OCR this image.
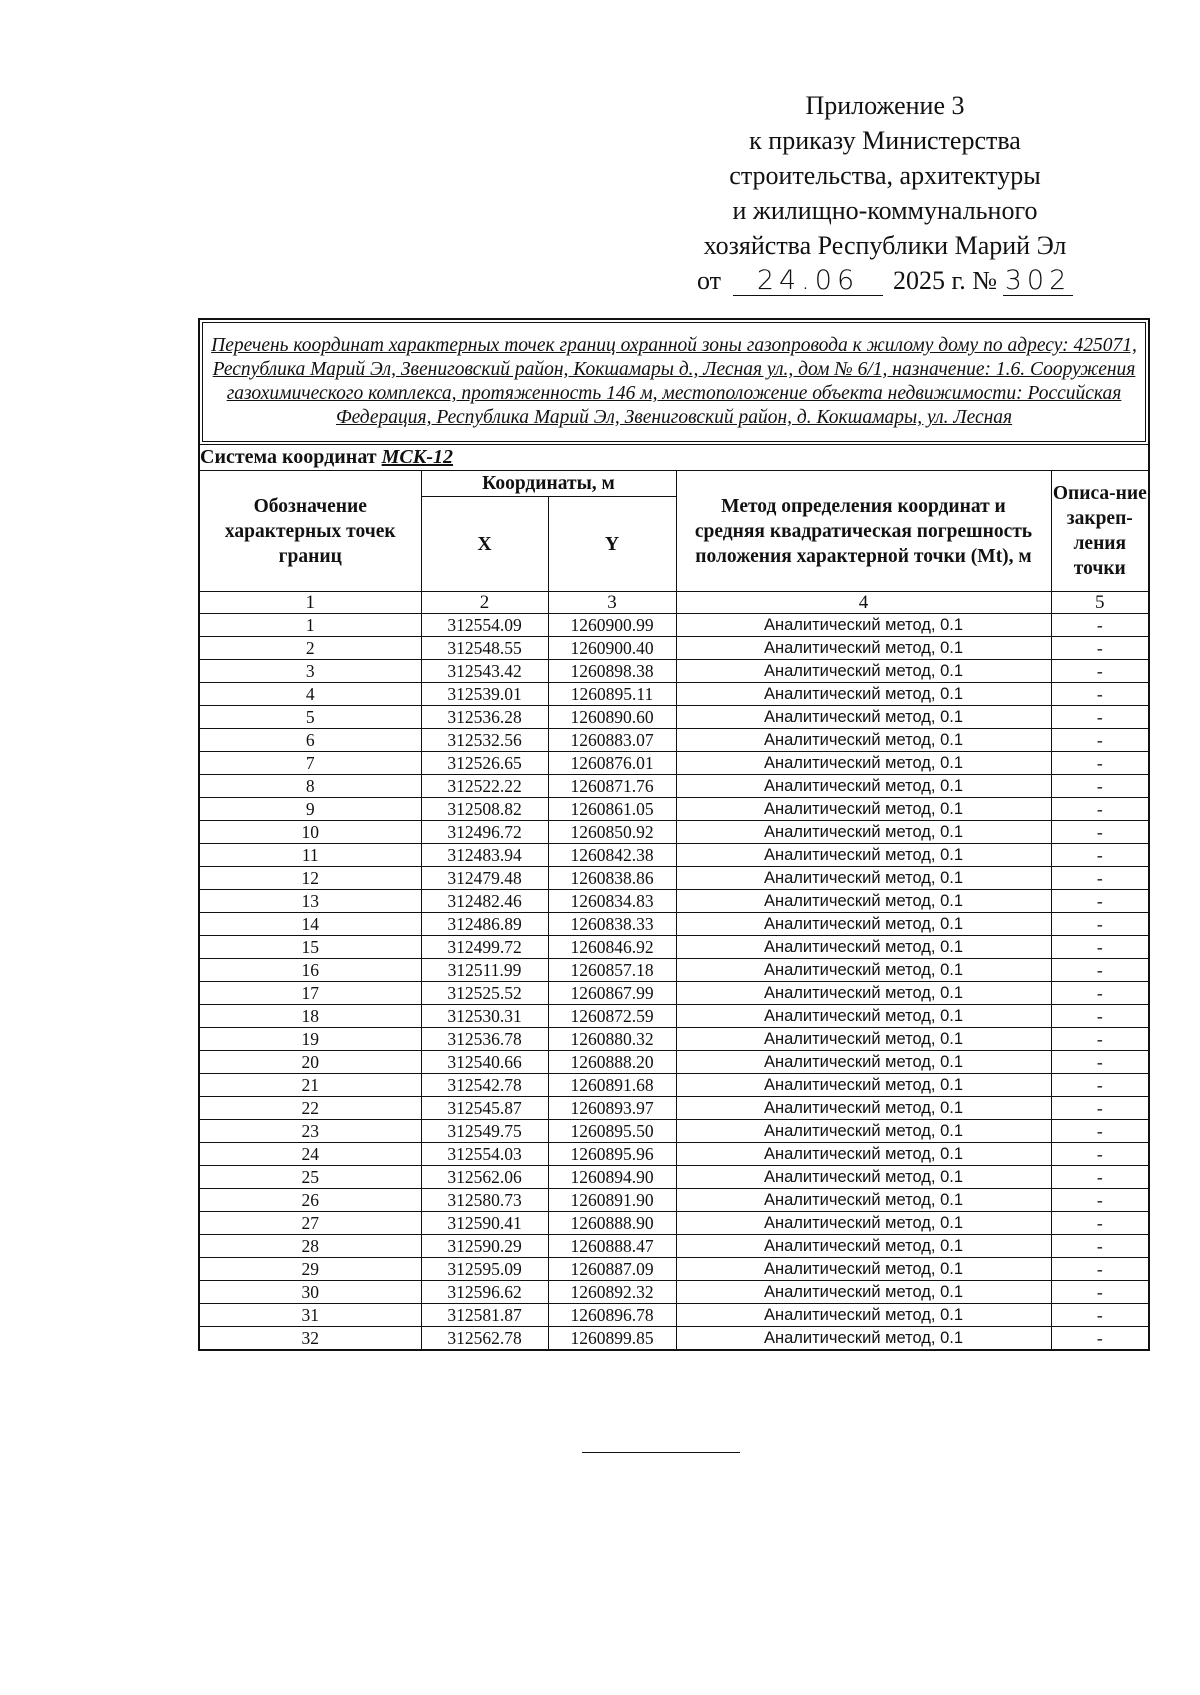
Приложение 3
к приказу Министерства
строительства, архитектуры
и жилищно-коммунального
хозяйства Республики Марий Эл
от 24.06 2025 г. № 302
Перечень координат характерных точек границ охранной зоны газопровода к жилому дому по адресу: 425071, Республика Марий Эл, Звениговский район, Кокшамары д., Лесная ул., дом № 6/1, назначение: 1.6. Сооружения газохимического комплекса, протяженность 146 м, местоположение объекта недвижимости: Российская Федерация, Республика Марий Эл, Звениговский район, д. Кокшамары, ул. Лесная				
Система координат МСК-12				
Обозначение характерных точек границ	Координаты, м		Метод определения координат и средняя квадратическая погрешность положения характерной точки (Mt), м	Описа-ние закреп-ления точки
	X	Y		
1	2	3	4	5
1	312554.09	1260900.99	Аналитический метод, 0.1	-
2	312548.55	1260900.40	Аналитический метод, 0.1	-
3	312543.42	1260898.38	Аналитический метод, 0.1	-
4	312539.01	1260895.11	Аналитический метод, 0.1	-
5	312536.28	1260890.60	Аналитический метод, 0.1	-
6	312532.56	1260883.07	Аналитический метод, 0.1	-
7	312526.65	1260876.01	Аналитический метод, 0.1	-
8	312522.22	1260871.76	Аналитический метод, 0.1	-
9	312508.82	1260861.05	Аналитический метод, 0.1	-
10	312496.72	1260850.92	Аналитический метод, 0.1	-
11	312483.94	1260842.38	Аналитический метод, 0.1	-
12	312479.48	1260838.86	Аналитический метод, 0.1	-
13	312482.46	1260834.83	Аналитический метод, 0.1	-
14	312486.89	1260838.33	Аналитический метод, 0.1	-
15	312499.72	1260846.92	Аналитический метод, 0.1	-
16	312511.99	1260857.18	Аналитический метод, 0.1	-
17	312525.52	1260867.99	Аналитический метод, 0.1	-
18	312530.31	1260872.59	Аналитический метод, 0.1	-
19	312536.78	1260880.32	Аналитический метод, 0.1	-
20	312540.66	1260888.20	Аналитический метод, 0.1	-
21	312542.78	1260891.68	Аналитический метод, 0.1	-
22	312545.87	1260893.97	Аналитический метод, 0.1	-
23	312549.75	1260895.50	Аналитический метод, 0.1	-
24	312554.03	1260895.96	Аналитический метод, 0.1	-
25	312562.06	1260894.90	Аналитический метод, 0.1	-
26	312580.73	1260891.90	Аналитический метод, 0.1	-
27	312590.41	1260888.90	Аналитический метод, 0.1	-
28	312590.29	1260888.47	Аналитический метод, 0.1	-
29	312595.09	1260887.09	Аналитический метод, 0.1	-
30	312596.62	1260892.32	Аналитический метод, 0.1	-
31	312581.87	1260896.78	Аналитический метод, 0.1	-
32	312562.78	1260899.85	Аналитический метод, 0.1	-
